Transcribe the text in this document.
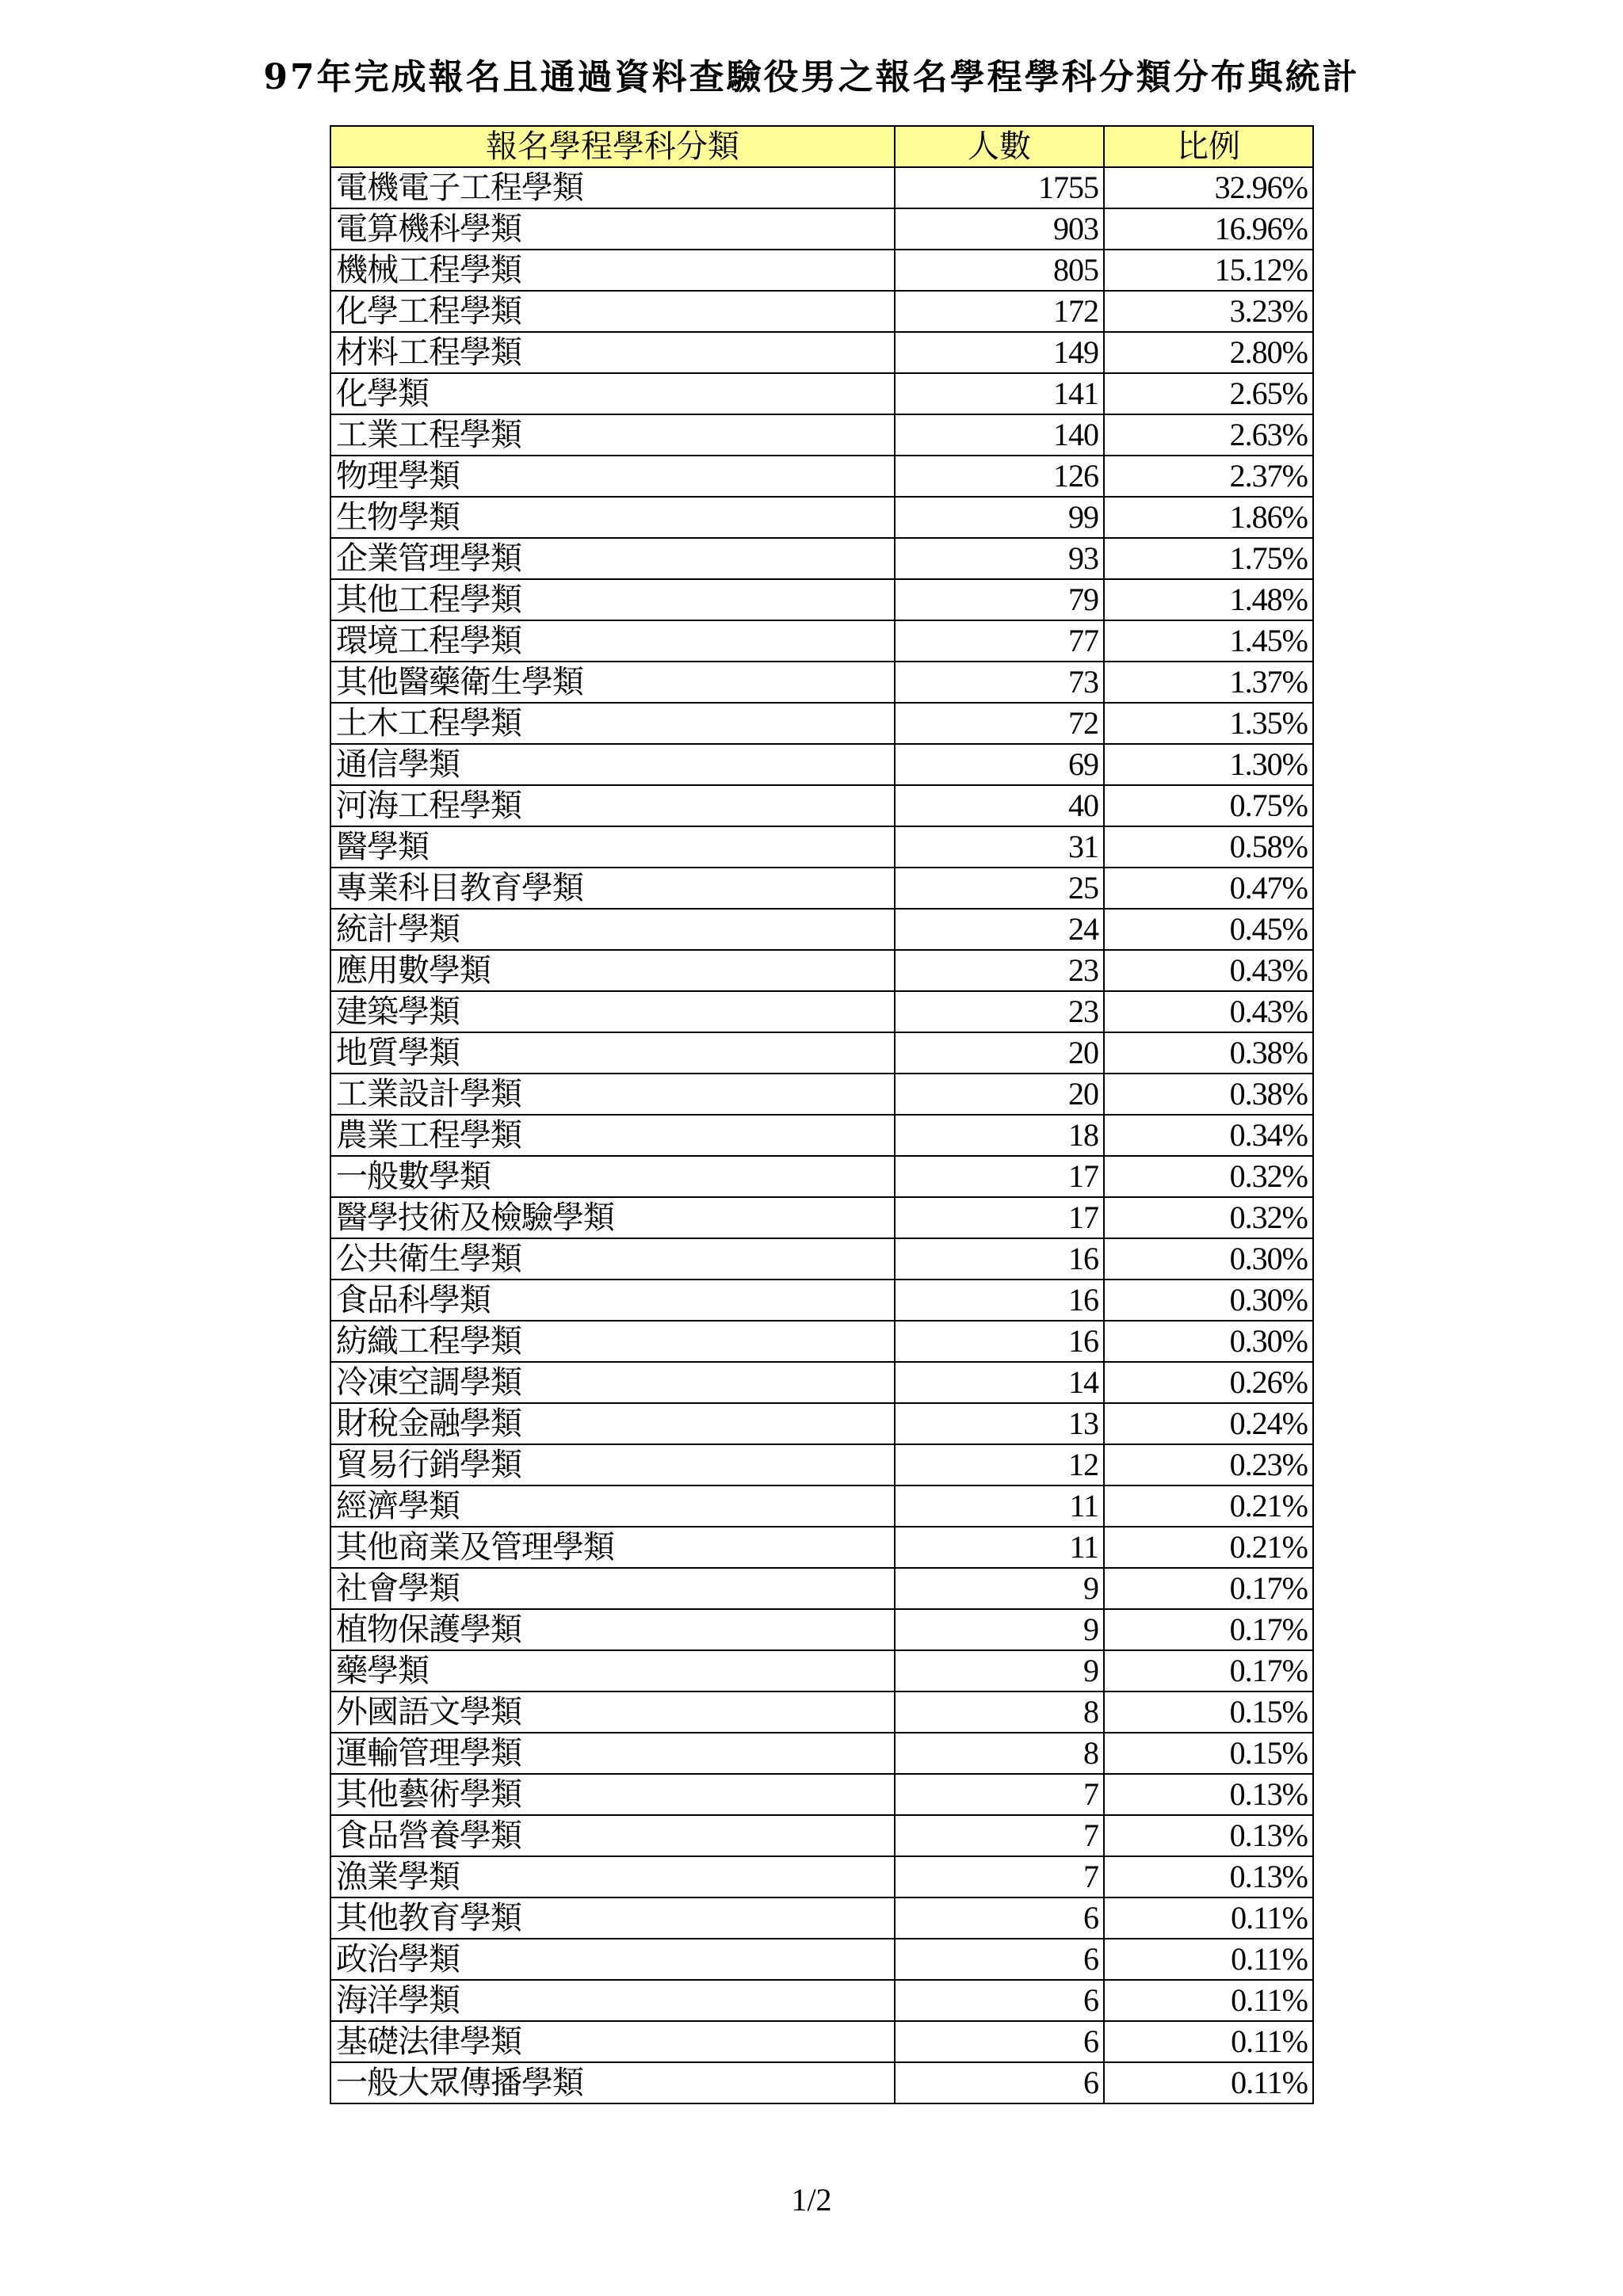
97年完成報名且通過資料查驗役男之報名學程學科分類分布與統計
報名學程學科分類	人數	比例
電機電子工程學類	1755	32.96%
電算機科學類	903	16.96%
機械工程學類	805	15.12%
化學工程學類	172	3.23%
材料工程學類	149	2.80%
化學類	141	2.65%
工業工程學類	140	2.63%
物理學類	126	2.37%
生物學類	99	1.86%
企業管理學類	93	1.75%
其他工程學類	79	1.48%
環境工程學類	77	1.45%
其他醫藥衛生學類	73	1.37%
土木工程學類	72	1.35%
通信學類	69	1.30%
河海工程學類	40	0.75%
醫學類	31	0.58%
專業科目教育學類	25	0.47%
統計學類	24	0.45%
應用數學類	23	0.43%
建築學類	23	0.43%
地質學類	20	0.38%
工業設計學類	20	0.38%
農業工程學類	18	0.34%
一般數學類	17	0.32%
醫學技術及檢驗學類	17	0.32%
公共衛生學類	16	0.30%
食品科學類	16	0.30%
紡織工程學類	16	0.30%
冷凍空調學類	14	0.26%
財稅金融學類	13	0.24%
貿易行銷學類	12	0.23%
經濟學類	11	0.21%
其他商業及管理學類	11	0.21%
社會學類	9	0.17%
植物保護學類	9	0.17%
藥學類	9	0.17%
外國語文學類	8	0.15%
運輸管理學類	8	0.15%
其他藝術學類	7	0.13%
食品營養學類	7	0.13%
漁業學類	7	0.13%
其他教育學類	6	0.11%
政治學類	6	0.11%
海洋學類	6	0.11%
基礎法律學類	6	0.11%
一般大眾傳播學類	6	0.11%
1/2
